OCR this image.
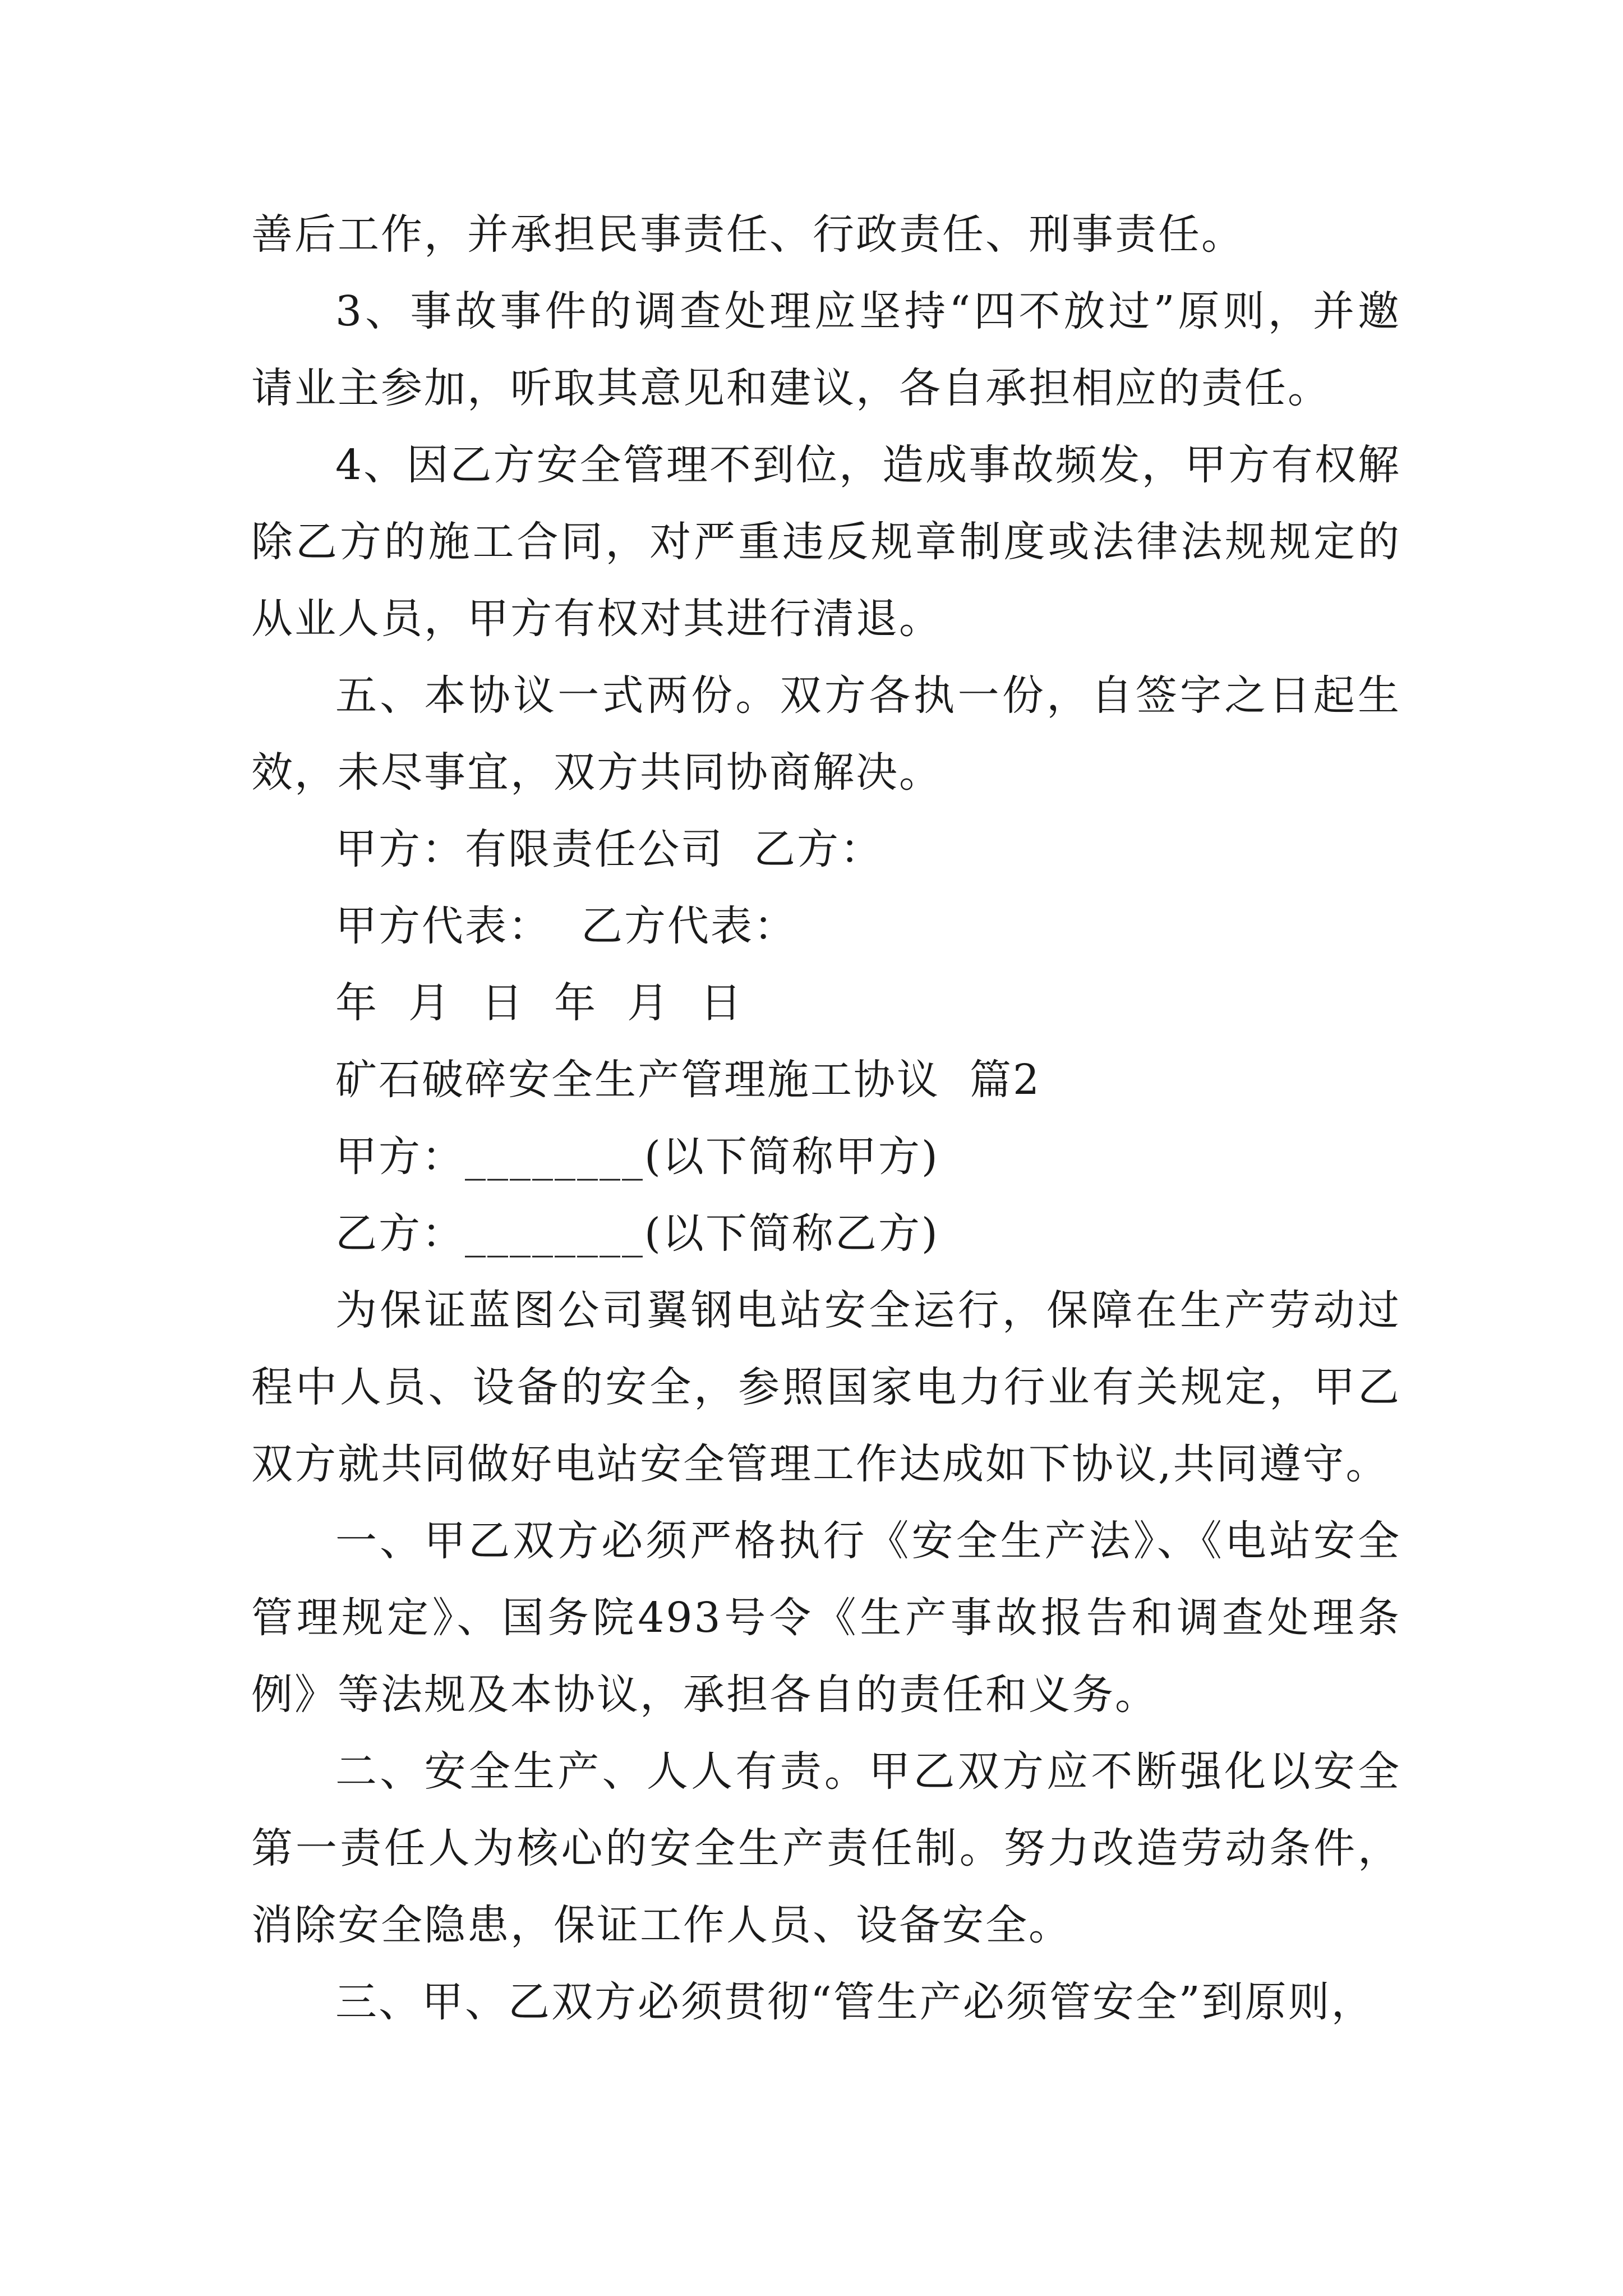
善后工作，并承担民事责任、行政责任、刑事责任。

3、事故事件的调查处理应坚持“四不放过”原则，并邀请业主参加，听取其意见和建议，各自承担相应的责任。

4、因乙方安全管理不到位，造成事故频发，甲方有权解除乙方的施工合同，对严重违反规章制度或法律法规规定的从业人员，甲方有权对其进行清退。

五、本协议一式两份。双方各执一份，自签字之日起生效，未尽事宜，双方共同协商解决。

甲方：有限责任公司  乙方：

甲方代表：  乙方代表：

年  月  日  年  月  日

矿石破碎安全生产管理施工协议  篇2

甲方：________(以下简称甲方)

乙方：________(以下简称乙方)

为保证蓝图公司翼钢电站安全运行，保障在生产劳动过程中人员、设备的安全，参照国家电力行业有关规定，甲乙双方就共同做好电站安全管理工作达成如下协议,共同遵守。

一、甲乙双方必须严格执行《安全生产法》、《电站安全管理规定》、国务院493号令《生产事故报告和调查处理条例》等法规及本协议，承担各自的责任和义务。

二、安全生产、人人有责。甲乙双方应不断强化以安全第一责任人为核心的安全生产责任制。努力改造劳动条件，消除安全隐患，保证工作人员、设备安全。

三、甲、乙双方必须贯彻“管生产必须管安全”到原则，
